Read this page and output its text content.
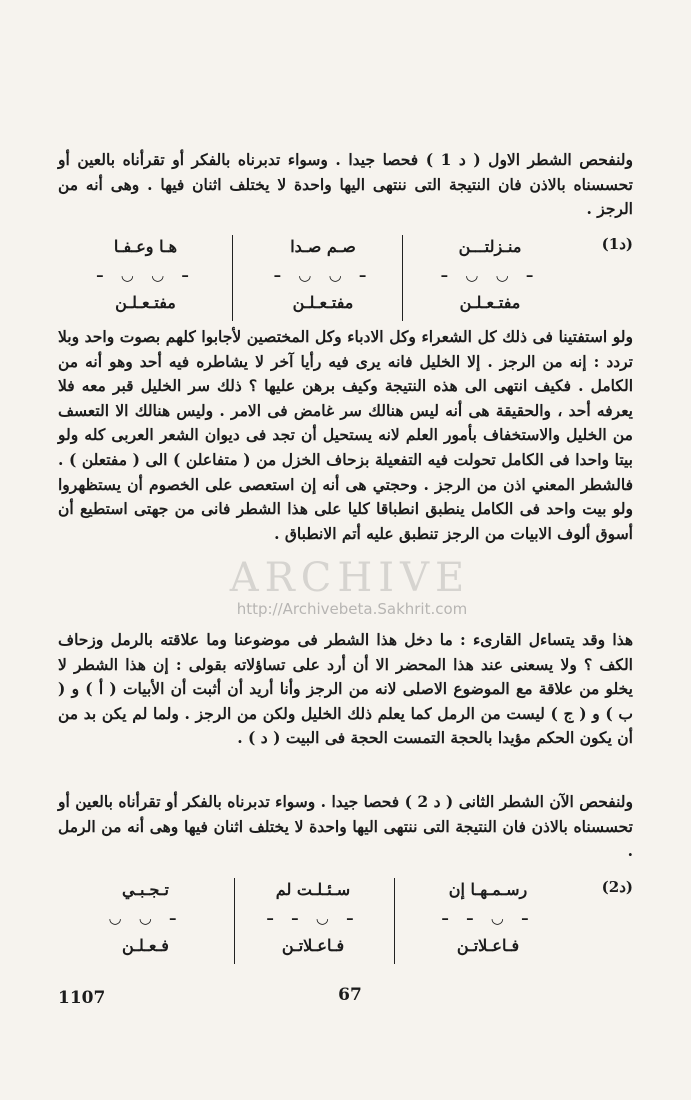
ولنفحص الشطر الاول ( د 1 ) فحصا جيدا . وسواء تدبرناه بالفكر أو تقرأناه بالعين أو تحسسناه بالاذن فان النتيجة التى ننتهى اليها واحدة لا يختلف اثنان فيها . وهى أنه من الرجز .

(د1)
منـزلتـــن
– ◡ ◡ –
مفتـعـلـن
صـم صـدا
– ◡ ◡ –
مفتـعـلـن
هـا وعـفـا
– ◡ ◡ –
مفتـعـلـن

ولو استفتينا فى ذلك كل الشعراء وكل الادباء وكل المختصين لأجابوا كلهم بصوت واحد وبلا تردد : إنه من الرجز . إلا الخليل فانه يرى فيه رأيا آخر لا يشاطره فيه أحد وهو أنه من الكامل . فكيف انتهى الى هذه النتيجة وكيف برهن عليها ؟ ذلك سر الخليل قبر معه فلا يعرفه أحد ، والحقيقة هى أنه ليس هنالك سر غامض فى الامر . وليس هنالك الا التعسف من الخليل والاستخفاف بأمور العلم لانه يستحيل أن تجد فى ديوان الشعر العربى كله ولو بيتا واحدا فى الكامل تحولت فيه التفعيلة بزحاف الخزل من ( متفاعلن ) الى ( مفتعلن ) . فالشطر المعني اذن من الرجز . وحجتي هى أنه إن استعصى على الخصوم أن يستظهروا ولو بيت واحد فى الكامل ينطبق انطباقا كليا على هذا الشطر فانى من جهتى استطيع أن أسوق ألوف الابيات من الرجز تنطبق عليه أتم الانطباق .

ARCHIVE
http://Archivebeta.Sakhrit.com

هذا وقد يتساءل القارىء : ما دخل هذا الشطر فى موضوعنا وما علاقته بالرمل وزحاف الكف ؟ ولا يسعنى عند هذا المحضر الا أن أرد على تساؤلاته بقولى : إن هذا الشطر لا يخلو من علاقة مع الموضوع الاصلى لانه من الرجز وأنا أريد أن أثبت أن الأبيات ( أ ) و ( ب ) و ( ج ) ليست من الرمل كما يعلم ذلك الخليل ولكن من الرجز . ولما لم يكن بد من أن يكون الحكم مؤيدا بالحجة التمست الحجة فى البيت ( د ) .

ولنفحص الآن الشطر الثانى ( د 2 ) فحصا جيدا . وسواء تدبرناه بالفكر أو تقرأناه بالعين أو تحسسناه بالاذن فان النتيجة التى ننتهى اليها واحدة لا يختلف اثنان فيها وهى أنه من الرمل .

(د2)
رسـمـهـا إن
– ◡ – –
فـاعـلاتـن
سـئـلـت لم
– ◡ – –
فـاعـلاتـن
تـجـبـي
– ◡ ◡
فـعـلـن
1107	67
